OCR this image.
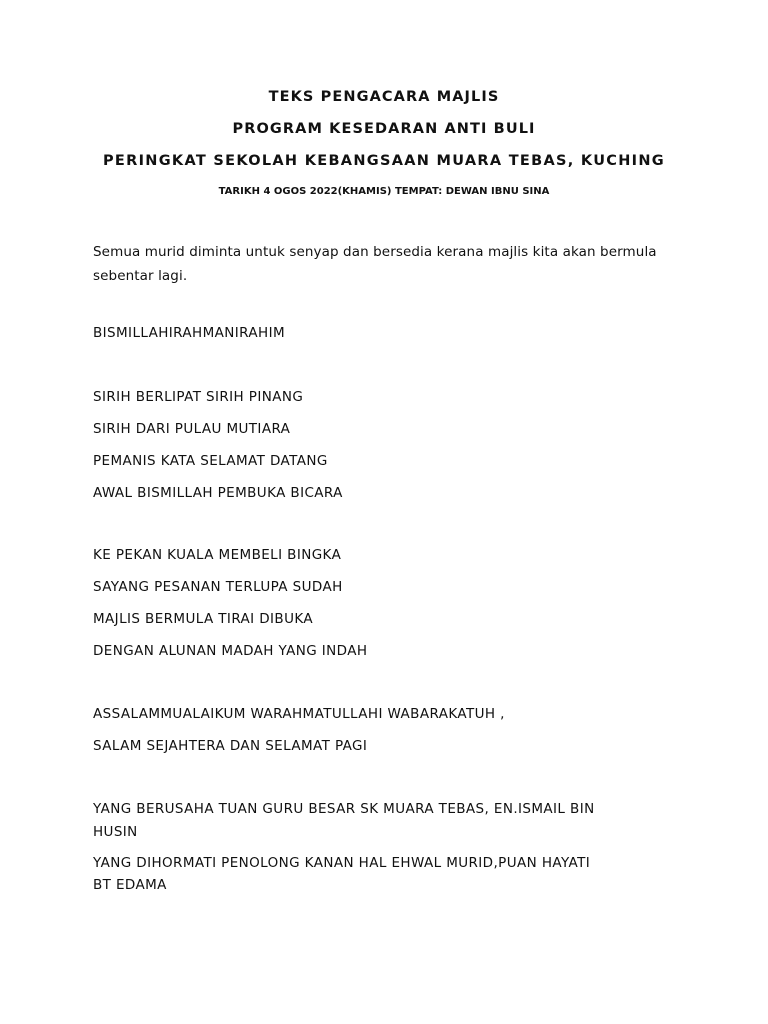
TEKS PENGACARA MAJLIS
PROGRAM KESEDARAN ANTI BULI
PERINGKAT SEKOLAH KEBANGSAAN MUARA TEBAS, KUCHING
TARIKH 4 OGOS 2022(KHAMIS) TEMPAT: DEWAN IBNU SINA
Semua murid diminta untuk senyap dan bersedia kerana majlis kita akan bermula
sebentar lagi.
BISMILLAHIRAHMANIRAHIM
SIRIH BERLIPAT SIRIH PINANG
SIRIH DARI PULAU MUTIARA
PEMANIS KATA SELAMAT DATANG
AWAL BISMILLAH PEMBUKA BICARA
KE PEKAN KUALA MEMBELI BINGKA
SAYANG PESANAN TERLUPA SUDAH
MAJLIS BERMULA TIRAI DIBUKA
DENGAN ALUNAN MADAH YANG INDAH
ASSALAMMUALAIKUM WARAHMATULLAHI WABARAKATUH ,
SALAM SEJAHTERA DAN SELAMAT PAGI
YANG BERUSAHA TUAN GURU BESAR SK MUARA TEBAS, EN.ISMAIL BIN
HUSIN
YANG DIHORMATI PENOLONG KANAN HAL EHWAL MURID,PUAN HAYATI
BT EDAMA
